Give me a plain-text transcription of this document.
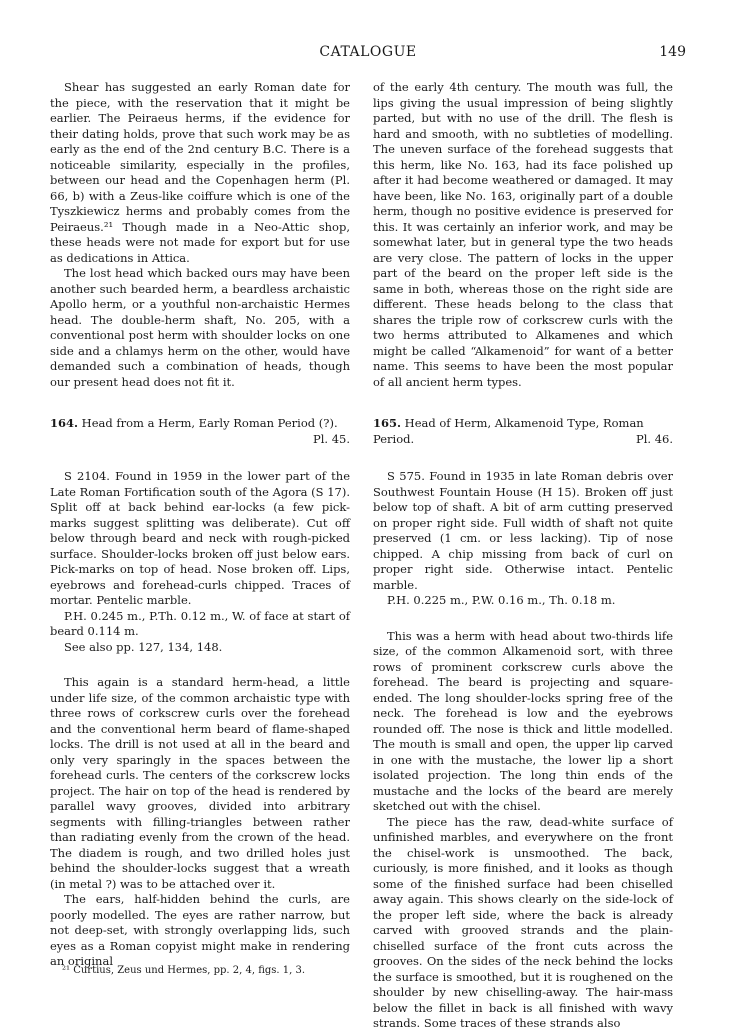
CATALOGUE	149

Shear has suggested an early Roman date for the piece, with the reservation that it might be earlier. The Peiraeus herms, if the evidence for their dating holds, prove that such work may be as early as the end of the 2nd century B.C. There is a noticeable similarity, especially in the profiles, between our head and the Copenhagen herm (Pl. 66, b) with a Zeus-like coiffure which is one of the Tyszkiewicz herms and probably comes from the Peiraeus.²¹ Though made in a Neo-Attic shop, these heads were not made for export but for use as dedications in Attica.

The lost head which backed ours may have been another such bearded herm, a beardless archaistic Apollo herm, or a youthful non-archaistic Hermes head. The double-herm shaft, No. 205, with a conventional post herm with shoulder locks on one side and a chlamys herm on the other, would have demanded such a combination of heads, though our present head does not fit it.

164. Head from a Herm, Early Roman Period (?).
Pl. 45.

S 2104. Found in 1959 in the lower part of the Late Roman Fortification south of the Agora (S 17). Split off at back behind ear-locks (a few pick-marks suggest splitting was deliberate). Cut off below through beard and neck with rough-picked surface. Shoulder-locks broken off just below ears. Pick-marks on top of head. Nose broken off. Lips, eyebrows and forehead-curls chipped. Traces of mortar. Pentelic marble.

P.H. 0.245 m., P.Th. 0.12 m., W. of face at start of beard 0.114 m.

See also pp. 127, 134, 148.

This again is a standard herm-head, a little under life size, of the common archaistic type with three rows of corkscrew curls over the forehead and the conventional herm beard of flame-shaped locks. The drill is not used at all in the beard and only very sparingly in the spaces between the forehead curls. The centers of the corkscrew locks project. The hair on top of the head is rendered by parallel wavy grooves, divided into arbitrary segments with filling-triangles between rather than radiating evenly from the crown of the head. The diadem is rough, and two drilled holes just behind the shoulder-locks suggest that a wreath (in metal ?) was to be attached over it.

The ears, half-hidden behind the curls, are poorly modelled. The eyes are rather narrow, but not deep-set, with strongly overlapping lids, such eyes as a Roman copyist might make in rendering an original

of the early 4th century. The mouth was full, the lips giving the usual impression of being slightly parted, but with no use of the drill. The flesh is hard and smooth, with no subtleties of modelling. The uneven surface of the forehead suggests that this herm, like No. 163, had its face polished up after it had become weathered or damaged. It may have been, like No. 163, originally part of a double herm, though no positive evidence is preserved for this. It was certainly an inferior work, and may be somewhat later, but in general type the two heads are very close. The pattern of locks in the upper part of the beard on the proper left side is the same in both, whereas those on the right side are different. These heads belong to the class that shares the triple row of corkscrew curls with the two herms attributed to Alkamenes and which might be called “Alkamenoid” for want of a better name. This seems to have been the most popular of all ancient herm types.

165. Head of Herm, Alkamenoid Type, Roman
Period.	Pl. 46.

S 575. Found in 1935 in late Roman debris over Southwest Fountain House (H 15). Broken off just below top of shaft. A bit of arm cutting preserved on proper right side. Full width of shaft not quite preserved (1 cm. or less lacking). Tip of nose chipped. A chip missing from back of curl on proper right side. Otherwise intact. Pentelic marble.

P.H. 0.225 m., P.W. 0.16 m., Th. 0.18 m.

This was a herm with head about two-thirds life size, of the common Alkamenoid sort, with three rows of prominent corkscrew curls above the forehead. The beard is projecting and square-ended. The long shoulder-locks spring free of the neck. The forehead is low and the eyebrows rounded off. The nose is thick and little modelled. The mouth is small and open, the upper lip carved in one with the mustache, the lower lip a short isolated projection. The long thin ends of the mustache and the locks of the beard are merely sketched out with the chisel.

The piece has the raw, dead-white surface of unfinished marbles, and everywhere on the front the chisel-work is unsmoothed. The back, curiously, is more finished, and it looks as though some of the finished surface had been chiselled away again. This shows clearly on the side-lock of the proper left side, where the back is already carved with grooved strands and the plain-chiselled surface of the front cuts across the grooves. On the sides of the neck behind the locks the surface is smoothed, but it is roughened on the shoulder by new chiselling-away. The hair-mass below the fillet in back is all finished with wavy strands. Some traces of these strands also

²¹ Curtius, Zeus und Hermes, pp. 2, 4, figs. 1, 3.
